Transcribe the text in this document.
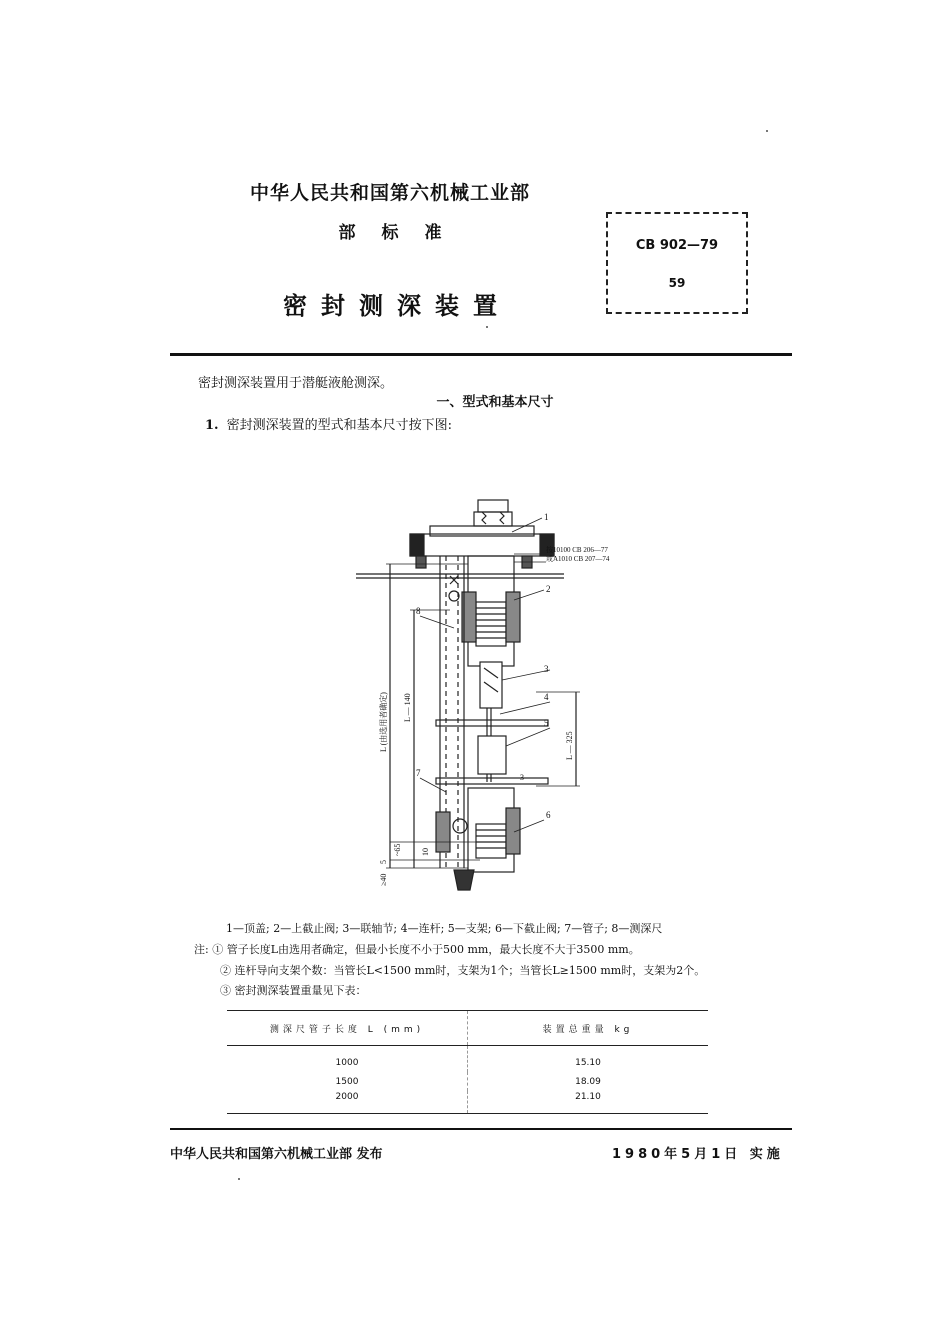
中华人民共和国第六机械工业部
部标准
密封测深装置
CB 902—79
59
密封测深装置用于潜艇液舱测深。
一、型式和基本尺寸
1. 密封测深装置的型式和基本尺寸按下图:
1
2
3
4
5
6
7
8
按10100 CB 206—77
或A1010 CB 207—74
3
L (由选用者确定) L — 140
L — 325
~65 10
5
≥40
1—顶盖; 2—上截止阀; 3—联轴节; 4—连杆; 5—支架; 6—下截止阀; 7—管子; 8—测深尺
注: ① 管子长度L由选用者确定，但最小长度不小于500 mm，最大长度不大于3500 mm。
② 连杆导向支架个数：当管长L<1500 mm时，支架为1个；当管长L≥1500 mm时，支架为2个。
③ 密封测深装置重量见下表：
测深尺管子长度 L (mm)	装置总重量 kg
1000	15.10
1500	18.09
2000	21.10
中华人民共和国第六机械工业部 发布	1980年5月1日 实施
